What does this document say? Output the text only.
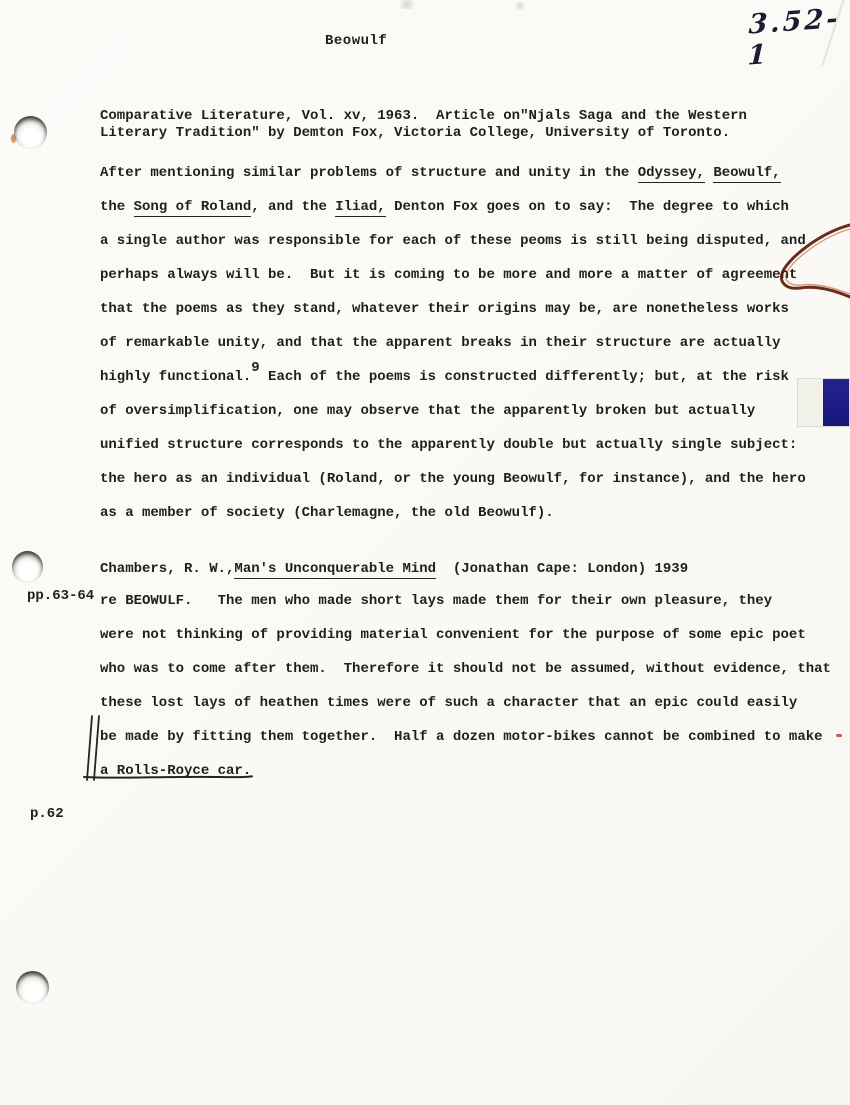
Beowulf
3.52-1
Comparative Literature, Vol. xv, 1963.  Article on"Njals Saga and the Western
Literary Tradition" by Demton Fox, Victoria College, University of Toronto.
After mentioning similar problems of structure and unity in the Odyssey, Beowulf,
the Song of Roland, and the Iliad, Denton Fox goes on to say:  The degree to which
a single author was responsible for each of these peoms is still being disputed, and
perhaps always will be.  But it is coming to be more and more a matter of agreement
that the poems as they stand, whatever their origins may be, are nonetheless works
of remarkable unity, and that the apparent breaks in their structure are actually
highly functional.9 Each of the poems is constructed differently; but, at the risk
of oversimplification, one may observe that the apparently broken but actually
unified structure corresponds to the apparently double but actually single subject:
the hero as an individual (Roland, or the young Beowulf, for instance), and the hero
as a member of society (Charlemagne, the old Beowulf).
Chambers, R. W.,Man's Unconquerable Mind  (Jonathan Cape: London) 1939
pp.63-64 re BEOWULF.   The men who made short lays made them for their own pleasure, they
were not thinking of providing material convenient for the purpose of some epic poet
who was to come after them.  Therefore it should not be assumed, without evidence, that
these lost lays of heathen times were of such a character that an epic could easily
be made by fitting them together.  Half a dozen motor-bikes cannot be combined to make
a Rolls-Royce car.
p.62
